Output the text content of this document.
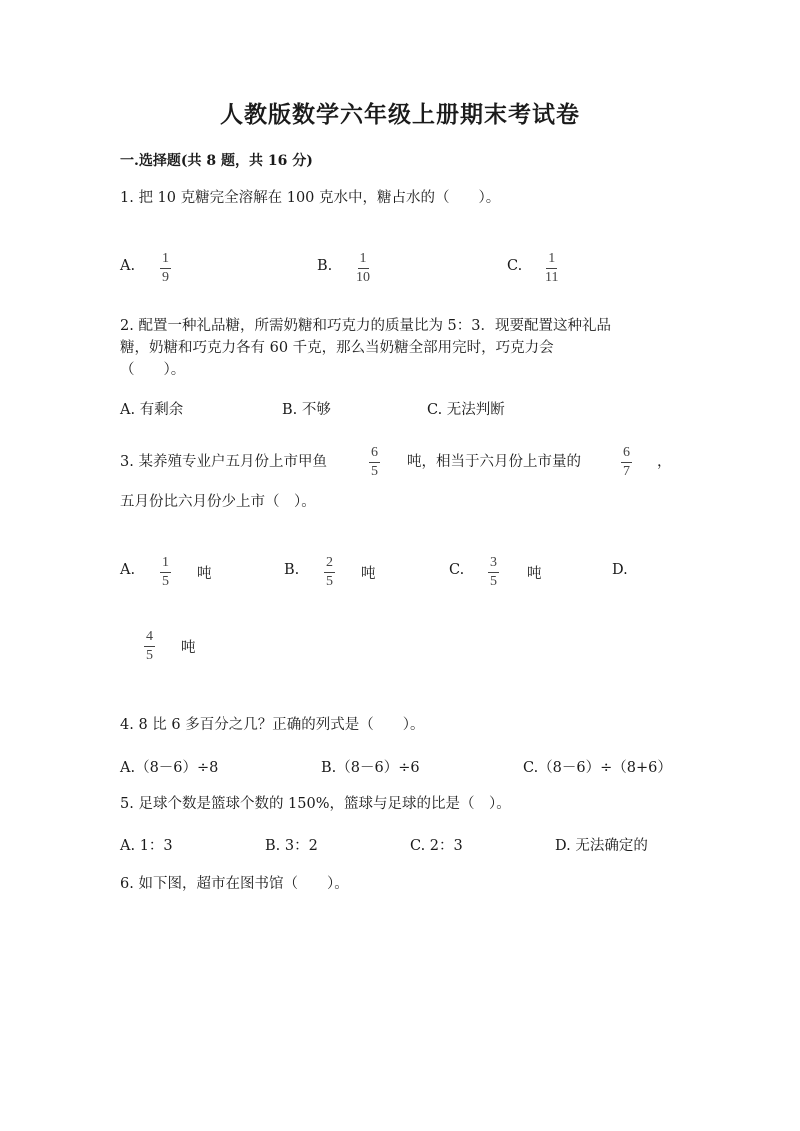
人教版数学六年级上册期末考试卷
一.选择题(共 8 题，共 16 分)
1. 把 10 克糖完全溶解在 100 克水中，糖占水的（　　）。
A. $\frac{1}{9}$	B. $\frac{1}{10}$	C. $\frac{1}{11}$
2. 配置一种礼品糖，所需奶糖和巧克力的质量比为 5：3．现要配置这种礼品
糖，奶糖和巧克力各有 60 千克，那么当奶糖全部用完时，巧克力会
（　　）。
A. 有剩余	B. 不够	C. 无法判断
3. 某养殖专业户五月份上市甲鱼	$\frac{6}{5}$ 吨，相当于六月份上市量的	$\frac{6}{7}$ ，
五月份比六月份少上市（　）。
A. $\frac{1}{5}$ 吨	B. $\frac{2}{5}$ 吨	C. $\frac{3}{5}$ 吨	D.
$\frac{4}{5}$ 吨
4. 8 比 6 多百分之几？正确的列式是（　　）。
A.（8－6）÷8	B.（8－6）÷6	C.（8－6）÷（8+6）
5. 足球个数是篮球个数的 150%，篮球与足球的比是（　）。
A. 1：3	B. 3：2	C. 2：3	D. 无法确定的
6. 如下图，超市在图书馆（　　）。
